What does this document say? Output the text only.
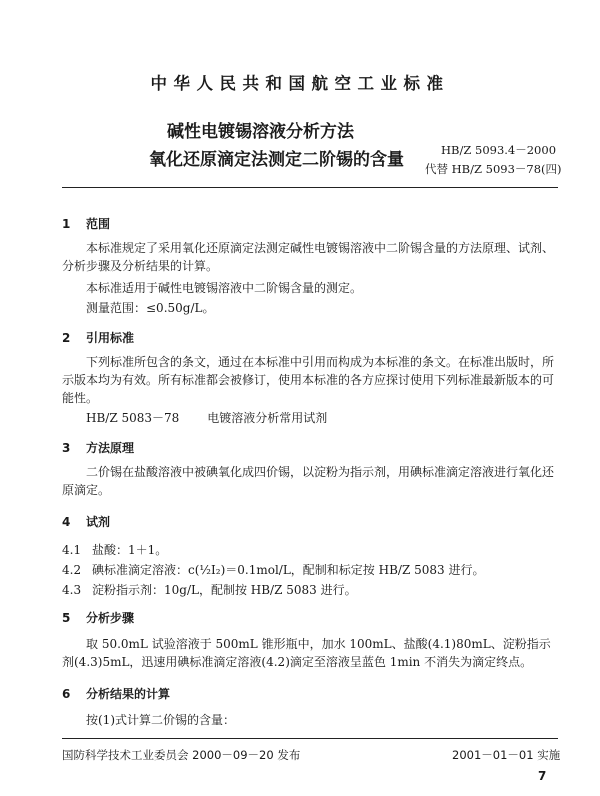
中华人民共和国航空工业标准
碱性电镀锡溶液分析方法
氧化还原滴定法测定二阶锡的含量	HB/Z 5093.4－2000
代替 HB/Z 5093－78(四)
1 范围
本标准规定了采用氧化还原滴定法测定碱性电镀锡溶液中二阶锡含量的方法原理、试剂、分析步骤及分析结果的计算。
本标准适用于碱性电镀锡溶液中二阶锡含量的测定。
测量范围：≤0.50g/L。
2 引用标准
下列标准所包含的条文，通过在本标准中引用而构成为本标准的条文。在标准出版时，所示版本均为有效。所有标准都会被修订，使用本标准的各方应探讨使用下列标准最新版本的可能性。
HB/Z 5083－78 电镀溶液分析常用试剂
3 方法原理
二价锡在盐酸溶液中被碘氧化成四价锡，以淀粉为指示剂，用碘标准滴定溶液进行氧化还原滴定。
4 试剂
4.1 盐酸：1＋1。
4.2 碘标准滴定溶液：c(½I₂)＝0.1mol/L，配制和标定按 HB/Z 5083 进行。
4.3 淀粉指示剂：10g/L，配制按 HB/Z 5083 进行。
5 分析步骤
取 50.0mL 试验溶液于 500mL 锥形瓶中，加水 100mL、盐酸(4.1)80mL、淀粉指示剂(4.3)5mL，迅速用碘标准滴定溶液(4.2)滴定至溶液呈蓝色 1min 不消失为滴定终点。
6 分析结果的计算
按(1)式计算二价锡的含量：
国防科学技术工业委员会 2000－09－20 发布	2001－01－01 实施
7
